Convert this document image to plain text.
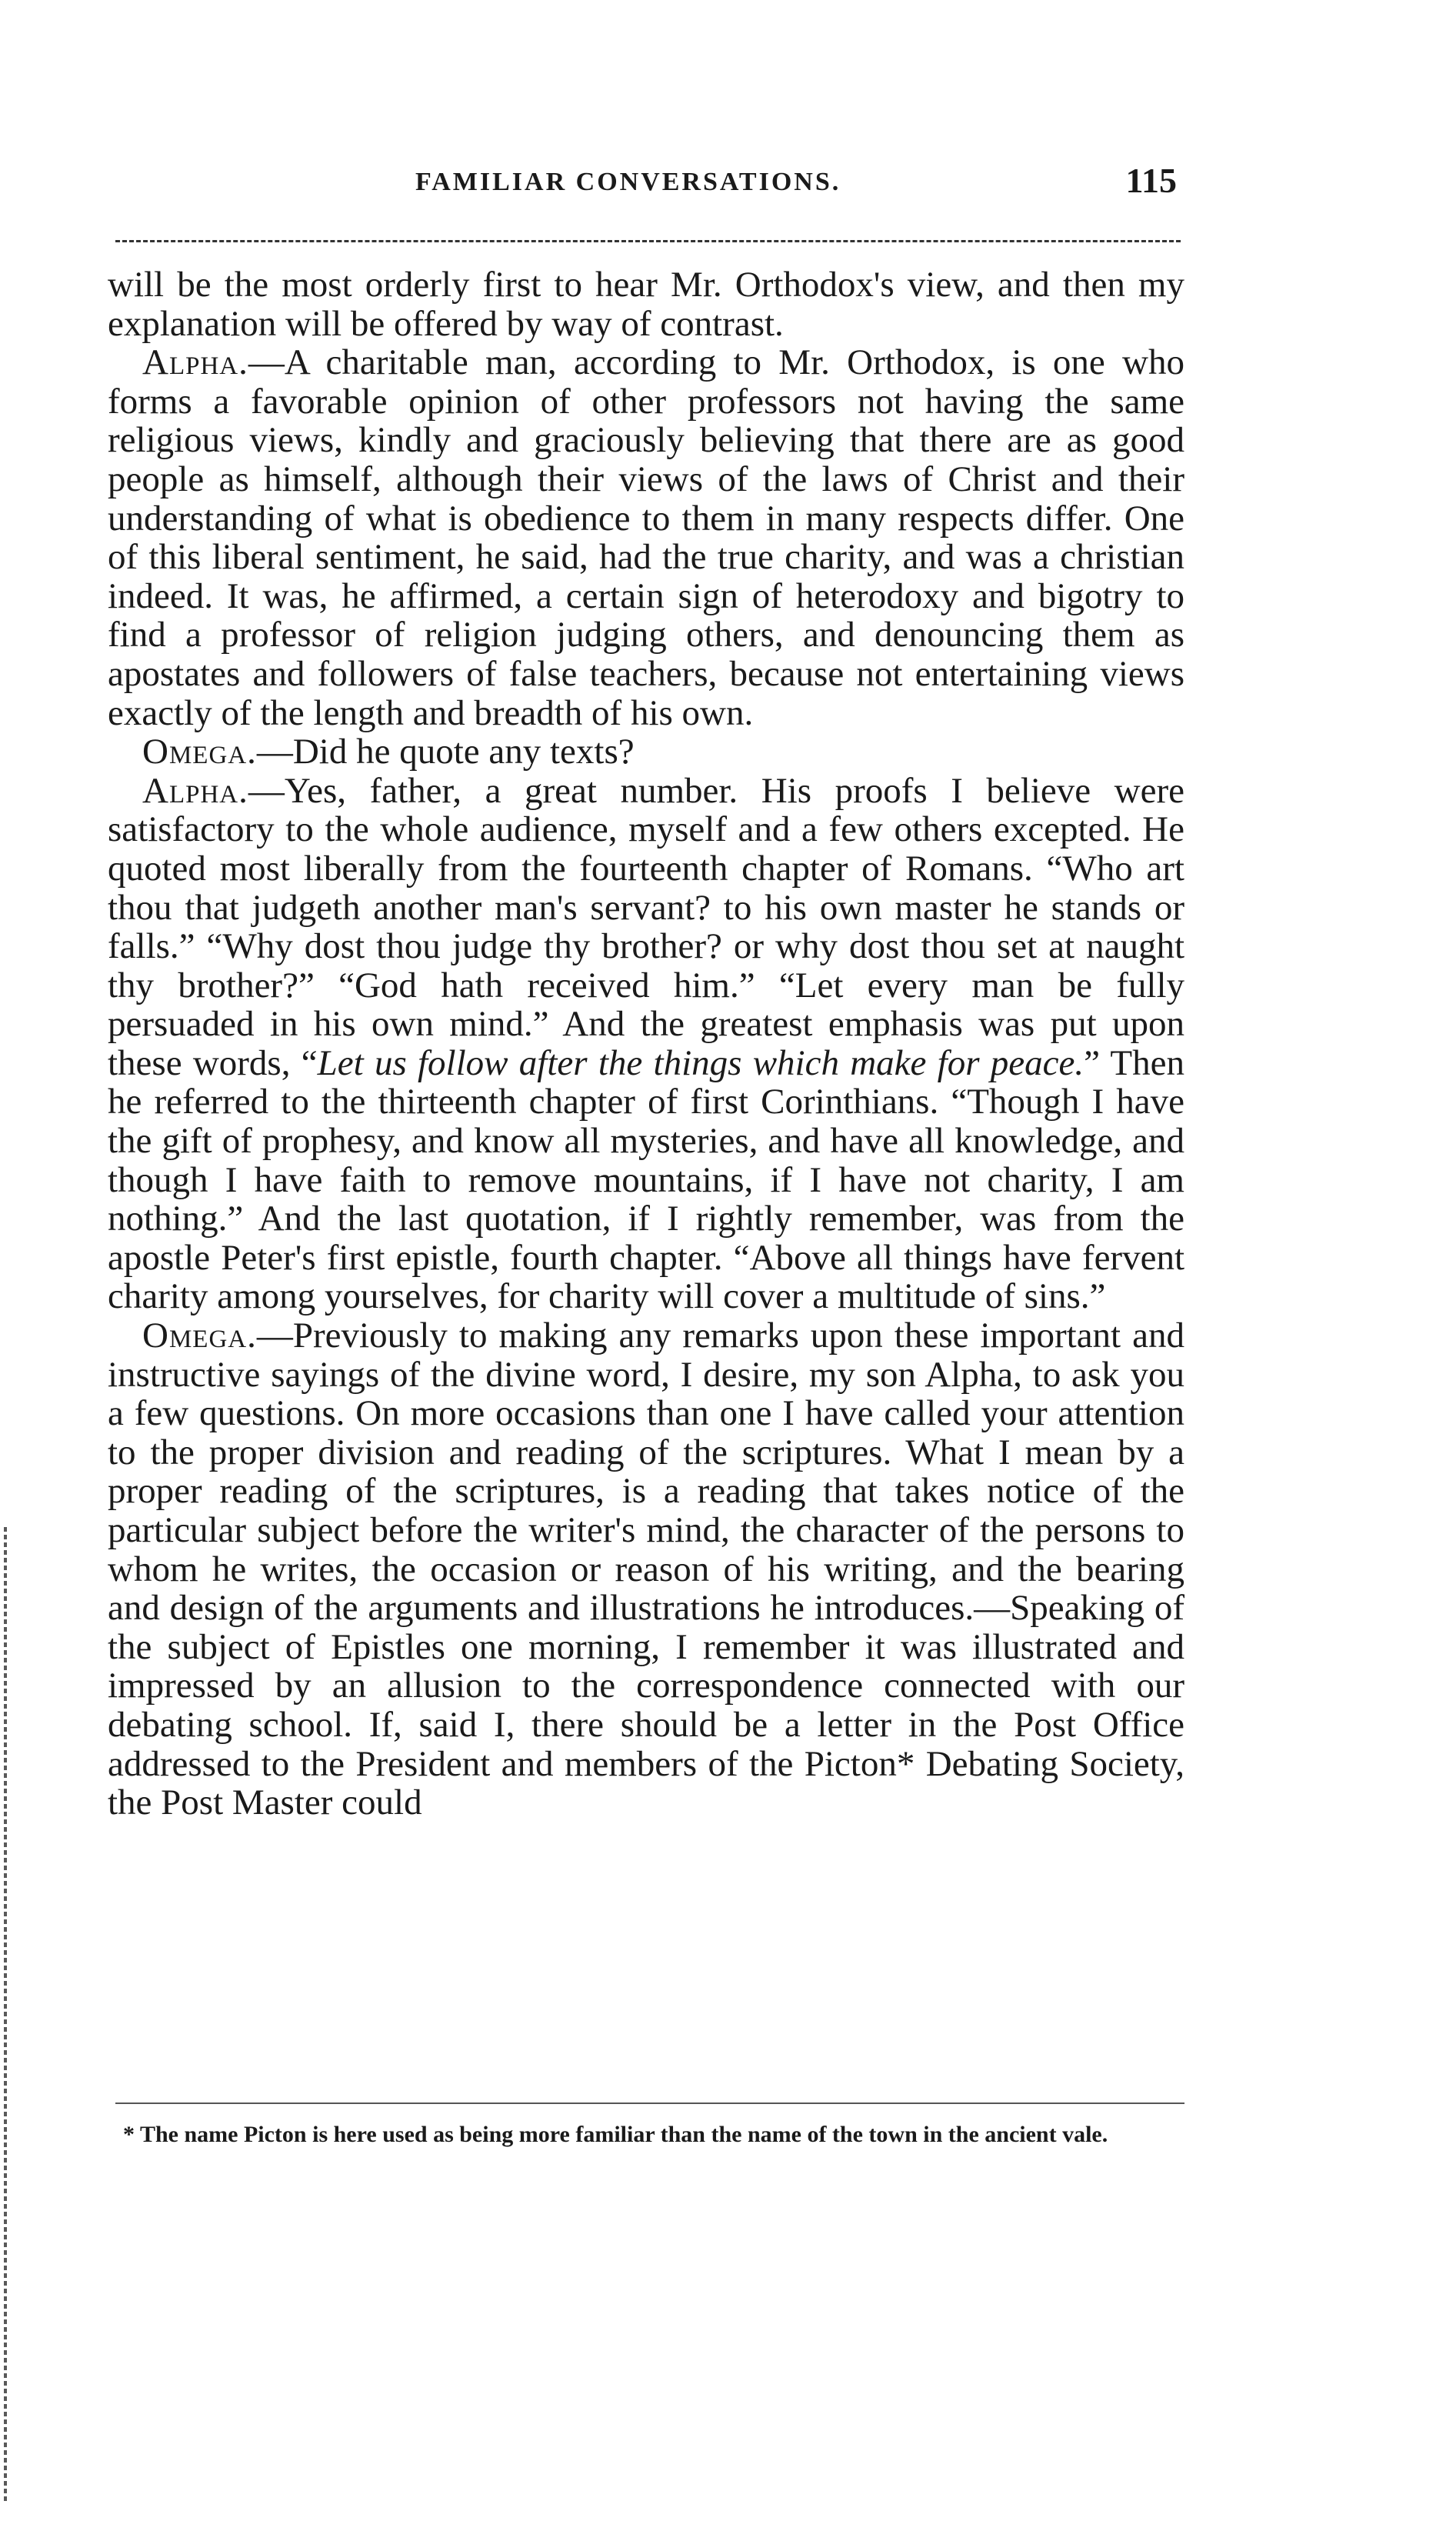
FAMILIAR CONVERSATIONS.	115

will be the most orderly first to hear Mr. Orthodox's view, and then my explanation will be offered by way of contrast.

Alpha.—A charitable man, according to Mr. Orthodox, is one who forms a favorable opinion of other professors not having the same religious views, kindly and graciously believing that there are as good people as himself, although their views of the laws of Christ and their understanding of what is obedience to them in many respects differ. One of this liberal sentiment, he said, had the true charity, and was a christian indeed. It was, he affirmed, a certain sign of heterodoxy and bigotry to find a professor of religion judging others, and denouncing them as apostates and followers of false teachers, because not entertaining views exactly of the length and breadth of his own.

Omega.—Did he quote any texts?

Alpha.—Yes, father, a great number. His proofs I believe were satisfactory to the whole audience, myself and a few others excepted. He quoted most liberally from the fourteenth chapter of Romans. “Who art thou that judgeth another man's servant? to his own master he stands or falls.” “Why dost thou judge thy brother? or why dost thou set at naught thy brother?” “God hath received him.” “Let every man be fully persuaded in his own mind.” And the greatest emphasis was put upon these words, “Let us follow after the things which make for peace.” Then he referred to the thirteenth chapter of first Corinthians. “Though I have the gift of prophesy, and know all mysteries, and have all knowledge, and though I have faith to remove mountains, if I have not charity, I am nothing.” And the last quotation, if I rightly remember, was from the apostle Peter's first epistle, fourth chapter. “Above all things have fervent charity among yourselves, for charity will cover a multitude of sins.”

Omega.—Previously to making any remarks upon these important and instructive sayings of the divine word, I desire, my son Alpha, to ask you a few questions. On more occasions than one I have called your attention to the proper division and reading of the scriptures. What I mean by a proper reading of the scriptures, is a reading that takes notice of the particular subject before the writer's mind, the character of the persons to whom he writes, the occasion or reason of his writing, and the bearing and design of the arguments and illustrations he introduces.—Speaking of the subject of Epistles one morning, I remember it was illustrated and impressed by an allusion to the correspondence connected with our debating school. If, said I, there should be a letter in the Post Office addressed to the President and members of the Picton* Debating Society, the Post Master could

* The name Picton is here used as being more familiar than the name of the town in the ancient vale.
